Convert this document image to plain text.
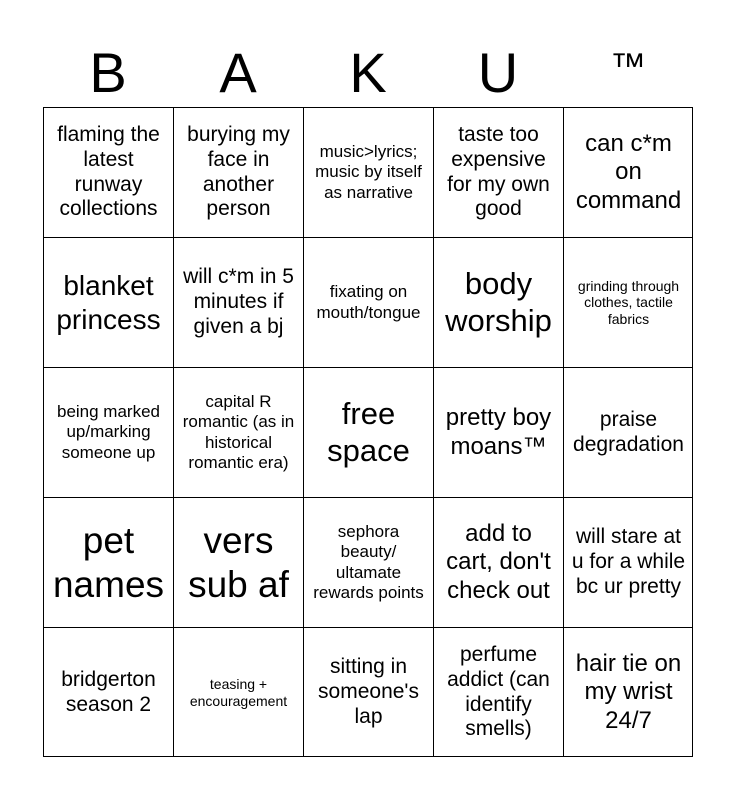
B	A	K	U	™
flaming the latest runway collections
burying my face in another person
music>lyrics; music by itself as narrative
taste too expensive for my own good
can c*m on command
blanket princess
will c*m in 5 minutes if given a bj
fixating on mouth/tongue
body worship
grinding through clothes, tactile fabrics
being marked up/marking someone up
capital R romantic (as in historical romantic era)
free space
pretty boy moans™
praise degradation
pet names
vers sub af
sephora beauty/ ultamate rewards points
add to cart, don't check out
will stare at u for a while bc ur pretty
bridgerton season 2
teasing + encouragement
sitting in someone's lap
perfume addict (can identify smells)
hair tie on my wrist 24/7
